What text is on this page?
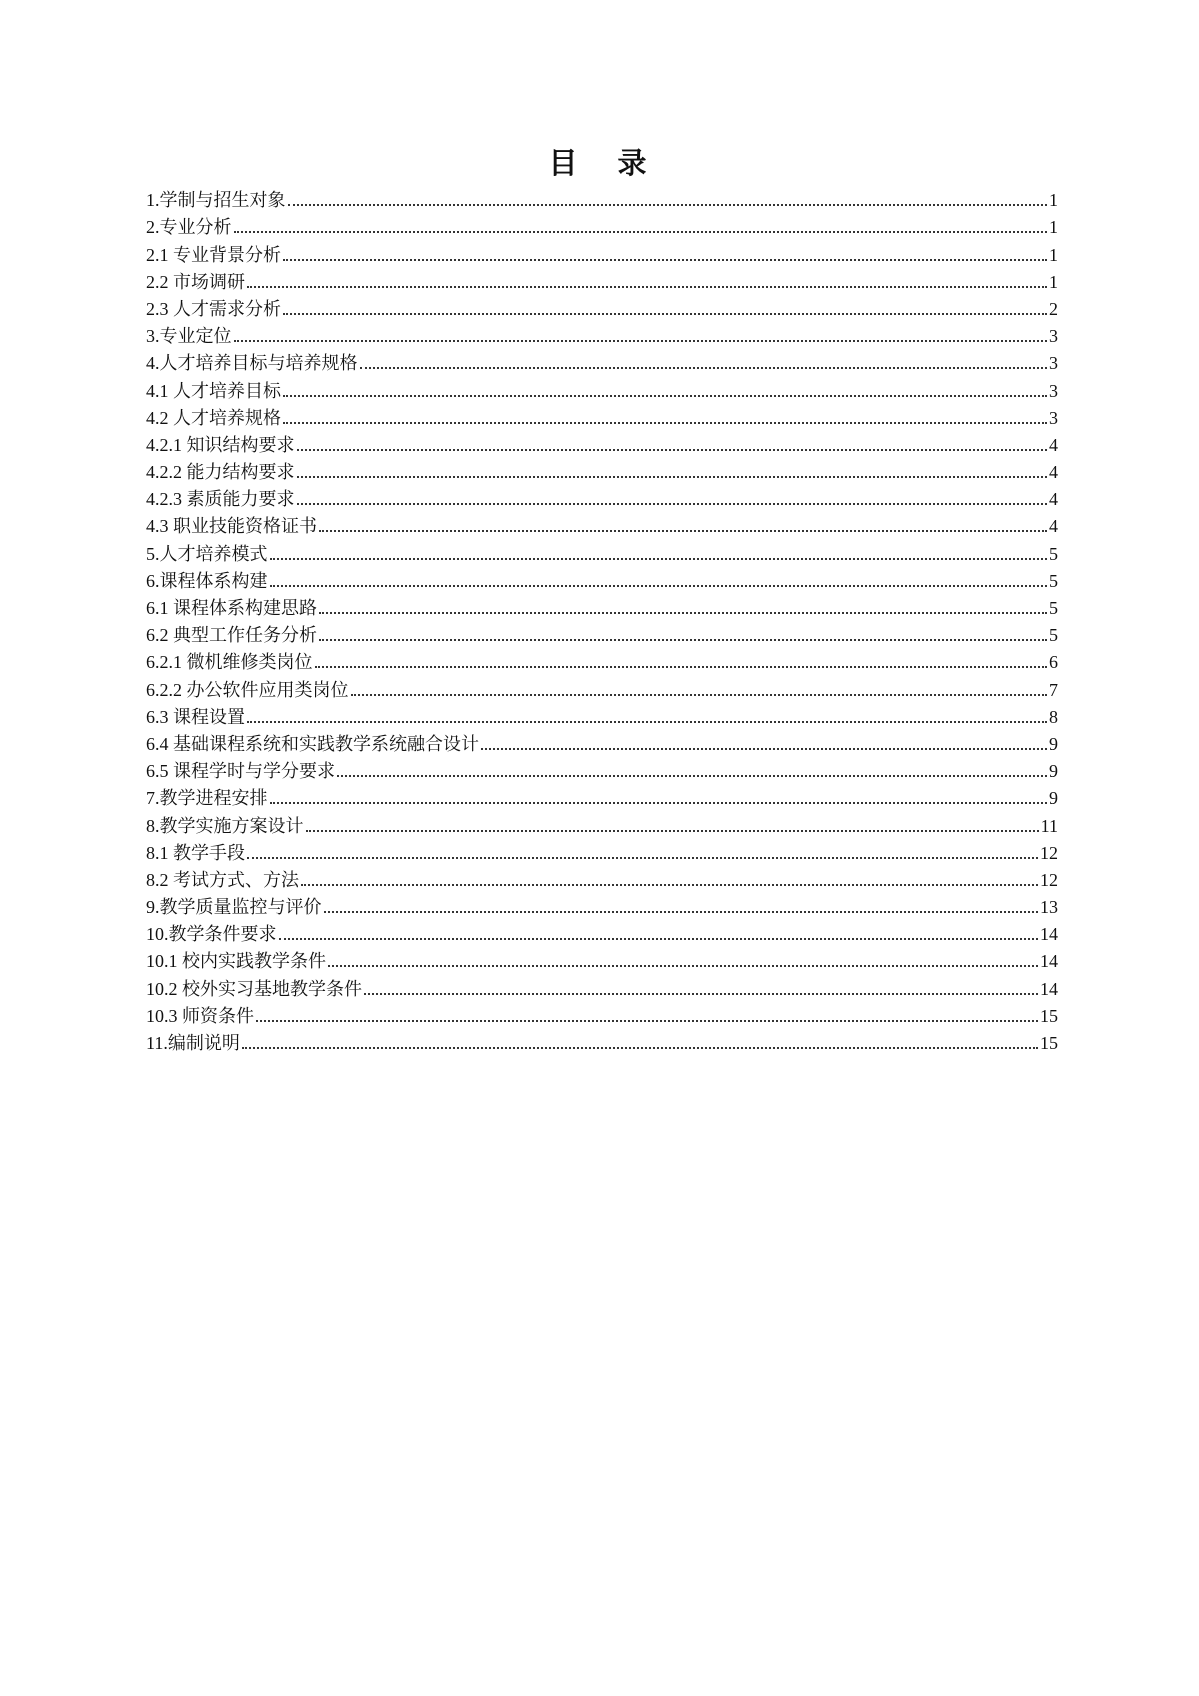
目录
1.学制与招生对象	1
2.专业分析	1
2.1 专业背景分析	1
2.2 市场调研	1
2.3 人才需求分析	2
3.专业定位	3
4.人才培养目标与培养规格	3
4.1 人才培养目标	3
4.2 人才培养规格	3
4.2.1 知识结构要求	4
4.2.2 能力结构要求	4
4.2.3 素质能力要求	4
4.3 职业技能资格证书	4
5.人才培养模式	5
6.课程体系构建	5
6.1 课程体系构建思路	5
6.2 典型工作任务分析	5
6.2.1 微机维修类岗位	6
6.2.2 办公软件应用类岗位	7
6.3 课程设置	8
6.4 基础课程系统和实践教学系统融合设计	9
6.5 课程学时与学分要求	9
7.教学进程安排	9
8.教学实施方案设计	11
8.1 教学手段	12
8.2 考试方式、方法	12
9.教学质量监控与评价	13
10.教学条件要求	14
10.1 校内实践教学条件	14
10.2 校外实习基地教学条件	14
10.3 师资条件	15
11.编制说明	15
